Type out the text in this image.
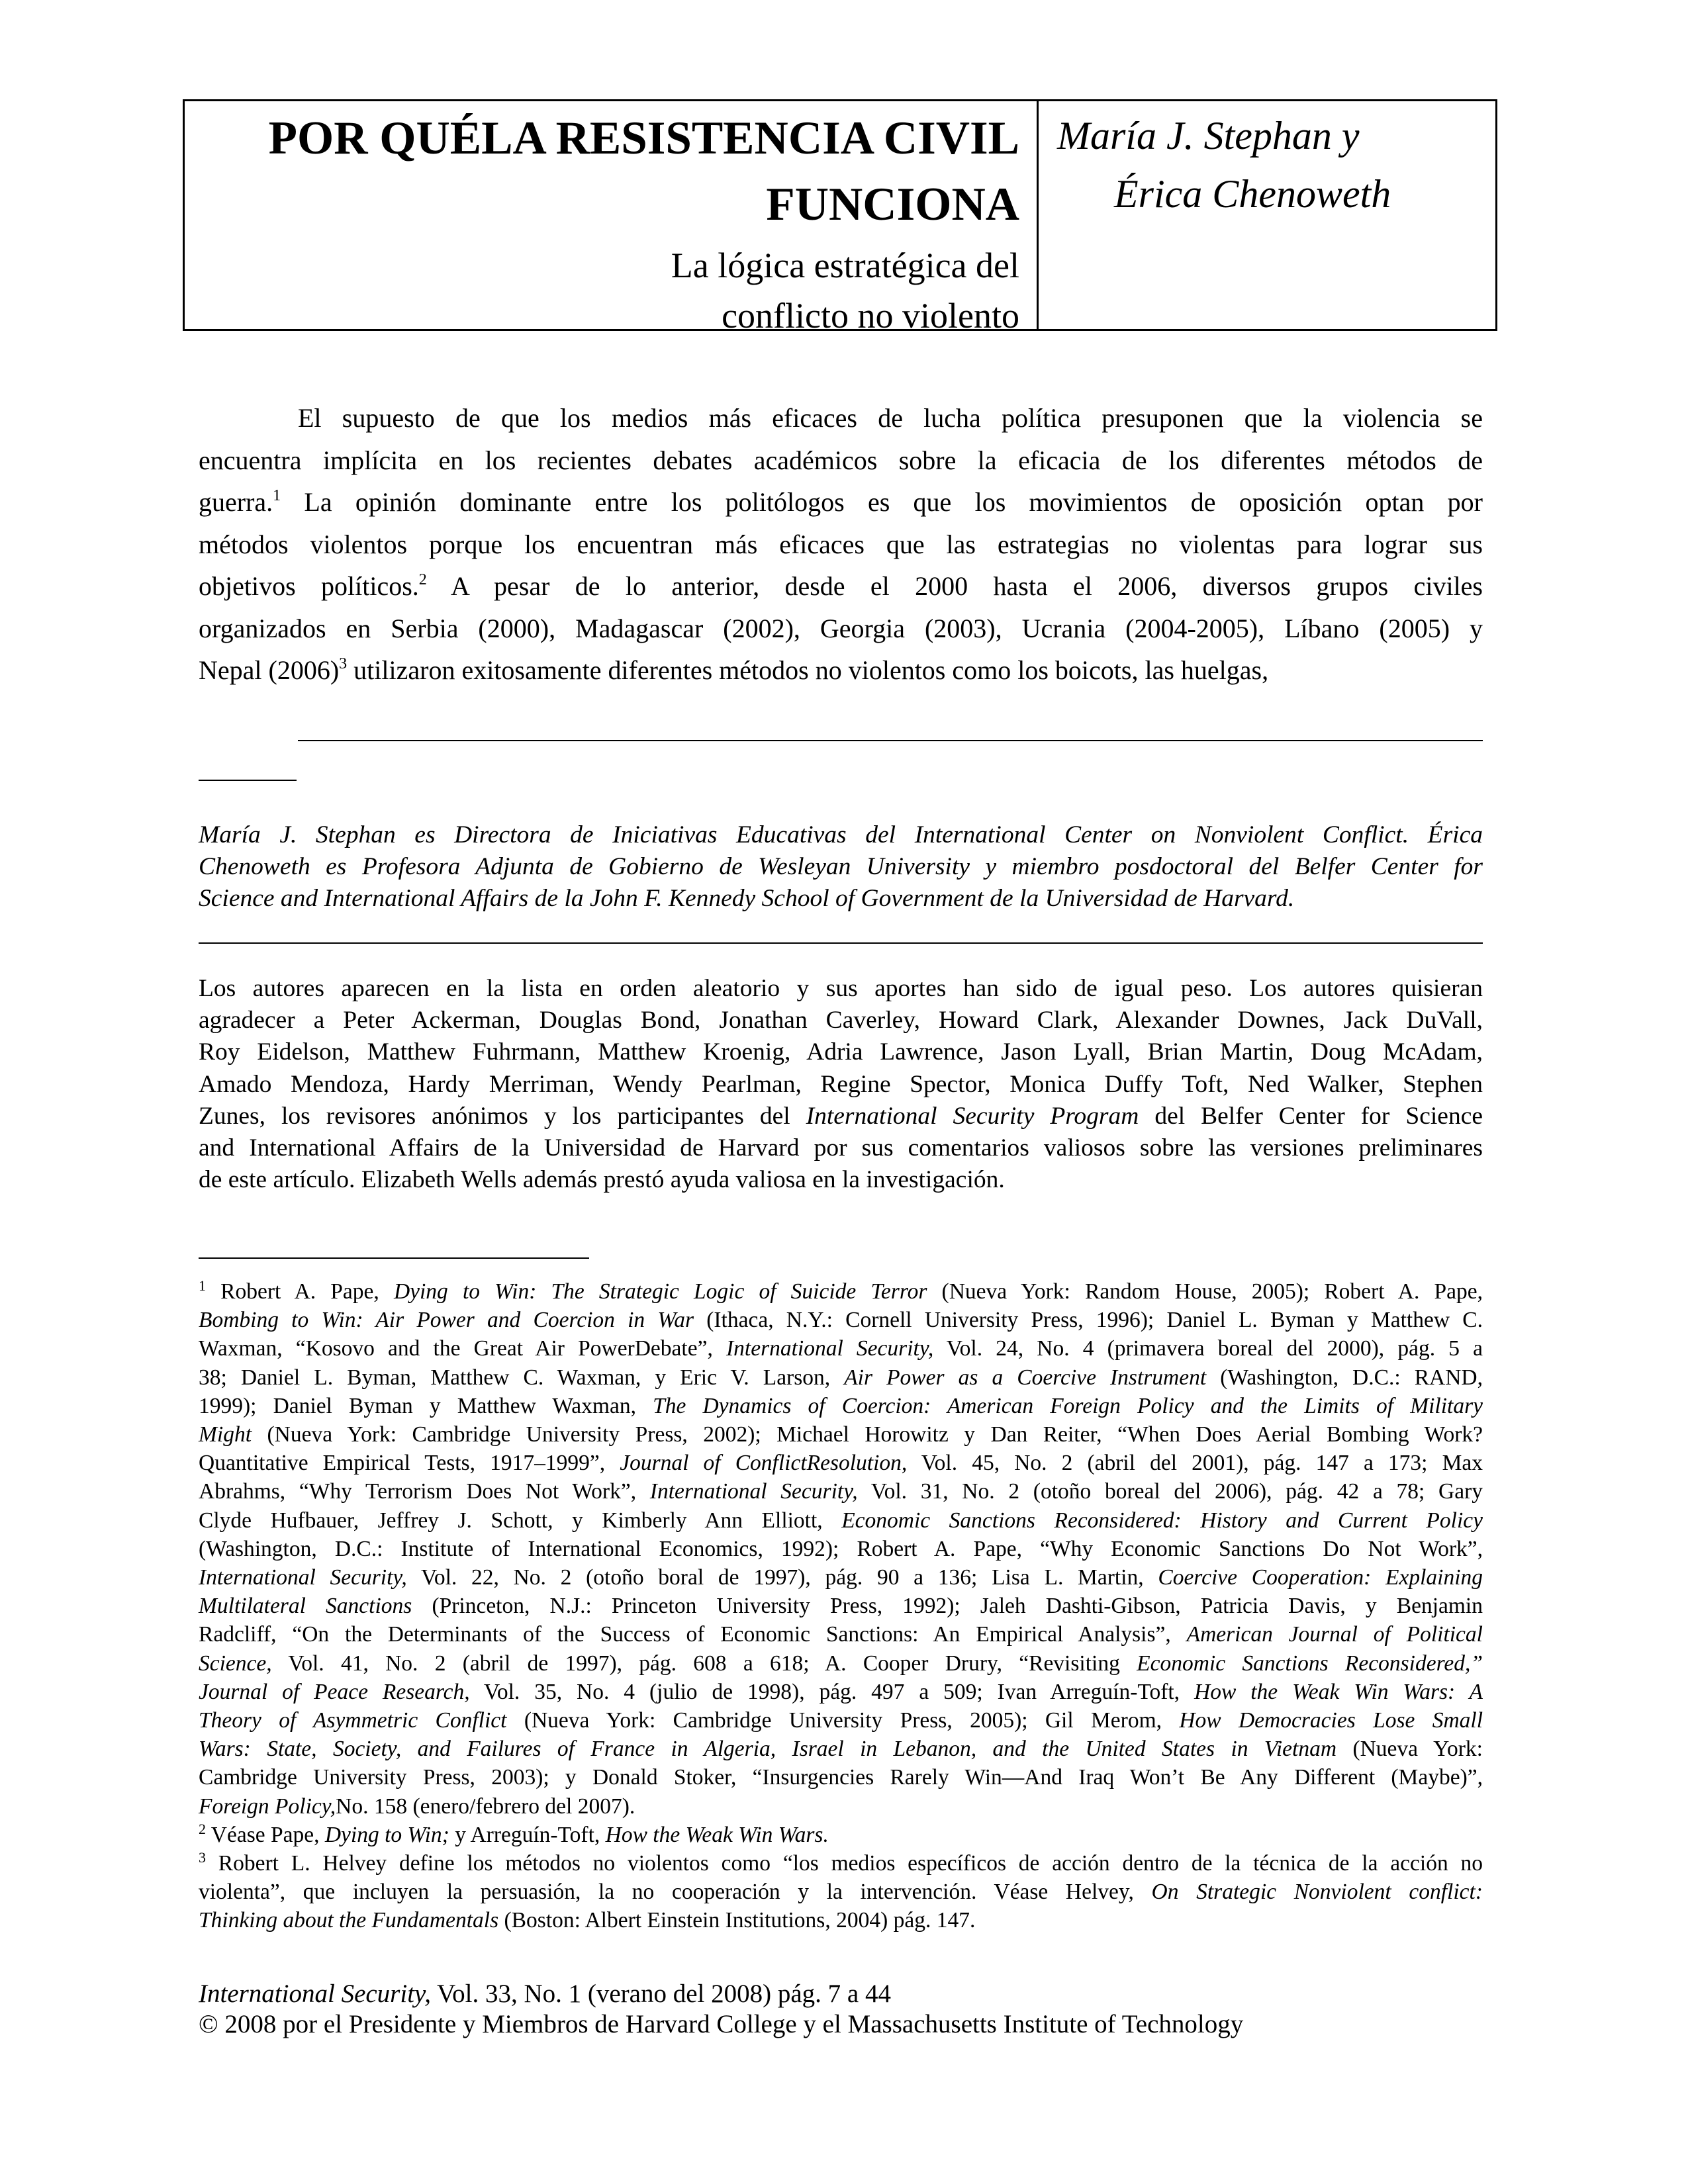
POR QUÉLA RESISTENCIA CIVIL
FUNCIONA
La lógica estratégica del
conflicto no violento
María J. Stephan y
Érica Chenoweth
El supuesto de que los medios más eficaces de lucha política presuponen que la violencia se
encuentra implícita en los recientes debates académicos sobre la eficacia de los diferentes métodos de
guerra.$^1$ La opinión dominante entre los politólogos es que los movimientos de oposición optan por
métodos violentos porque los encuentran más eficaces que las estrategias no violentas para lograr sus
objetivos políticos.$^2$ A pesar de lo anterior, desde el 2000 hasta el 2006, diversos grupos civiles
organizados en Serbia (2000), Madagascar (2002), Georgia (2003), Ucrania (2004-2005), Líbano (2005) y
Nepal $(2006)^3$ utilizaron exitosamente diferentes métodos no violentos como los boicots, las huelgas,
María J. Stephan es Directora de Iniciativas Educativas del International Center on Nonviolent Conflict. Érica
Chenoweth es Profesora Adjunta de Gobierno de Wesleyan University y miembro posdoctoral del Belfer Center for
Science and International Affairs de la John F. Kennedy School of Government de la Universidad de Harvard.
Los autores aparecen en la lista en orden aleatorio y sus aportes han sido de igual peso. Los autores quisieran
agradecer a Peter Ackerman, Douglas Bond, Jonathan Caverley, Howard Clark, Alexander Downes, Jack DuVall,
Roy Eidelson, Matthew Fuhrmann, Matthew Kroenig, Adria Lawrence, Jason Lyall, Brian Martin, Doug McAdam,
Amado Mendoza, Hardy Merriman, Wendy Pearlman, Regine Spector, Monica Duffy Toft, Ned Walker, Stephen
Zunes, los revisores anónimos y los participantes del International Security Program del Belfer Center for Science
and International Affairs de la Universidad de Harvard por sus comentarios valiosos sobre las versiones preliminares
de este artículo. Elizabeth Wells además prestó ayuda valiosa en la investigación.
$^1$ Robert A. Pape, Dying to Win: The Strategic Logic of Suicide Terror (Nueva York: Random House, 2005); Robert A. Pape,
Bombing to Win: Air Power and Coercion in War (Ithaca, N.Y.: Cornell University Press, 1996); Daniel L. Byman y Matthew C.
Waxman, “Kosovo and the Great Air PowerDebate”, International Security, Vol. 24, No. 4 (primavera boreal del 2000), pág. 5 a
38; Daniel L. Byman, Matthew C. Waxman, y Eric V. Larson, Air Power as a Coercive Instrument (Washington, D.C.: RAND,
1999); Daniel Byman y Matthew Waxman, The Dynamics of Coercion: American Foreign Policy and the Limits of Military
Might (Nueva York: Cambridge University Press, 2002); Michael Horowitz y Dan Reiter, “When Does Aerial Bombing Work?
Quantitative Empirical Tests, 1917–1999”, Journal of ConflictResolution, Vol. 45, No. 2 (abril del 2001), pág. 147 a 173; Max
Abrahms, “Why Terrorism Does Not Work”, International Security, Vol. 31, No. 2 (otoño boreal del 2006), pág. 42 a 78; Gary
Clyde Hufbauer, Jeffrey J. Schott, y Kimberly Ann Elliott, Economic Sanctions Reconsidered: History and Current Policy
(Washington, D.C.: Institute of International Economics, 1992); Robert A. Pape, “Why Economic Sanctions Do Not Work”,
International Security, Vol. 22, No. 2 (otoño boral de 1997), pág. 90 a 136; Lisa L. Martin, Coercive Cooperation: Explaining
Multilateral Sanctions (Princeton, N.J.: Princeton University Press, 1992); Jaleh Dashti-Gibson, Patricia Davis, y Benjamin
Radcliff, “On the Determinants of the Success of Economic Sanctions: An Empirical Analysis”, American Journal of Political
Science, Vol. 41, No. 2 (abril de 1997), pág. 608 a 618; A. Cooper Drury, “Revisiting Economic Sanctions Reconsidered,”
Journal of Peace Research, Vol. 35, No. 4 (julio de 1998), pág. 497 a 509; Ivan Arreguín-Toft, How the Weak Win Wars: A
Theory of Asymmetric Conflict (Nueva York: Cambridge University Press, 2005); Gil Merom, How Democracies Lose Small
Wars: State, Society, and Failures of France in Algeria, Israel in Lebanon, and the United States in Vietnam (Nueva York:
Cambridge University Press, 2003); y Donald Stoker, “Insurgencies Rarely Win—And Iraq Won’t Be Any Different (Maybe)”,
Foreign Policy,No. 158 (enero/febrero del 2007).
$^2$ Véase Pape, Dying to Win; y Arreguín-Toft, How the Weak Win Wars.
$^3$ Robert L. Helvey define los métodos no violentos como “los medios específicos de acción dentro de la técnica de la acción no
violenta”, que incluyen la persuasión, la no cooperación y la intervención. Véase Helvey, On Strategic Nonviolent conflict:
Thinking about the Fundamentals (Boston: Albert Einstein Institutions, 2004) pág. 147.
International Security, Vol. 33, No. 1 (verano del 2008) pág. 7 a 44
© 2008 por el Presidente y Miembros de Harvard College y el Massachusetts Institute of Technology
